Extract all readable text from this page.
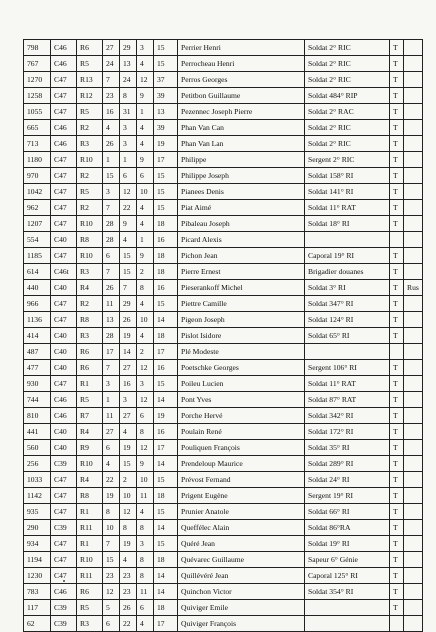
798	C46	R6	27	29	3	15	Perrier Henri	Soldat 2° RIC	T	
767	C46	R5	24	13	4	15	Perrocheau Henri	Soldat 2° RIC	T	
1270	C47	R13	7	24	12	37	Perros Georges	Soldat 2° RIC	T	
1258	C47	R12	23	8	9	39	Petitbon Guillaume	Soldat 484° RIP	T	
1055	C47	R5	16	31	1	13	Pezennec Joseph Pierre	Soldat 2° RAC	T	
665	C46	R2	4	3	4	39	Phan Van Can	Soldat 2° RIC	T	
713	C46	R3	26	3	4	19	Phan Van Lan	Soldat 2° RIC	T	
1180	C47	R10	1	1	9	17	Philippe	Sergent 2° RIC	T	
970	C47	R2	15	6	6	15	Philippe Joseph	Soldat 158° RI	T	
1042	C47	R5	3	12	10	15	Pianees Denis	Soldat 141° RI	T	
962	C47	R2	7	22	4	15	Piat Aimé	Soldat 11° RAT	T	
1207	C47	R10	28	9	4	18	Pibaleau Joseph	Soldat 18° RI	T	
554	C40	R8	28	4	1	16	Picard Alexis			
1185	C47	R10	6	15	9	18	Pichon Jean	Caporal 19° RI	T	
614	C46t	R3	7	15	2	18	Pierre Ernest	Brigadier douanes	T	
440	C40	R4	26	7	8	16	Pieserankoff Michel	Soldat 3° RI	T	Rus
966	C47	R2	11	29	4	15	Piettre Camille	Soldat 347° RI	T	
1136	C47	R8	13	26	10	14	Pigeon Joseph	Soldat 124° RI	T	
414	C40	R3	28	19	4	18	Pislot Isidore	Soldat 65° RI	T	
487	C40	R6	17	14	2	17	Plé Modeste			
477	C40	R6	7	27	12	16	Poetschke Georges	Sergent 106° RI	T	
930	C47	R1	3	16	3	15	Poileu Lucien	Soldat 11° RAT	T	
744	C46	R5	1	3	12	14	Pont Yves	Soldat 87° RAT	T	
810	C46	R7	11	27	6	19	Porche Hervé	Soldat 342° RI	T	
441	C40	R4	27	4	8	16	Poulain René	Soldat 172° RI	T	
560	C40	R9	6	19	12	17	Pouliquen François	Soldat 35° RI	T	
256	C39	R10	4	15	9	14	Prendeloup Maurice	Soldat 289° RI	T	
1033	C47	R4	22	2	10	15	Prévost Fernand	Soldat 24° RI	T	
1142	C47	R8	19	10	11	18	Prigent Eugène	Sergent 19° RI	T	
935	C47	R1	8	12	4	15	Prunier Anatole	Soldat 66° RI	T	
290	C39	R11	10	8	8	14	Queffélec Alain	Soldat 86°RA	T	
934	C47	R1	7	19	3	15	Quéré Jean	Soldat 19° RI	T	
1194	C47	R10	15	4	8	18	Quévarec Guillaume	Sapeur 6° Génie	T	
1230	C47	R11	23	23	8	14	Quillévéré Jean	Caporal 125° RI	T	
783	C46	R6	12	23	11	14	Quinchon Victor	Soldat 354° RI	T	
117	C39	R5	5	26	6	18	Quiviger Emile		T	
62	C39	R3	6	22	4	17	Quiviger François			
